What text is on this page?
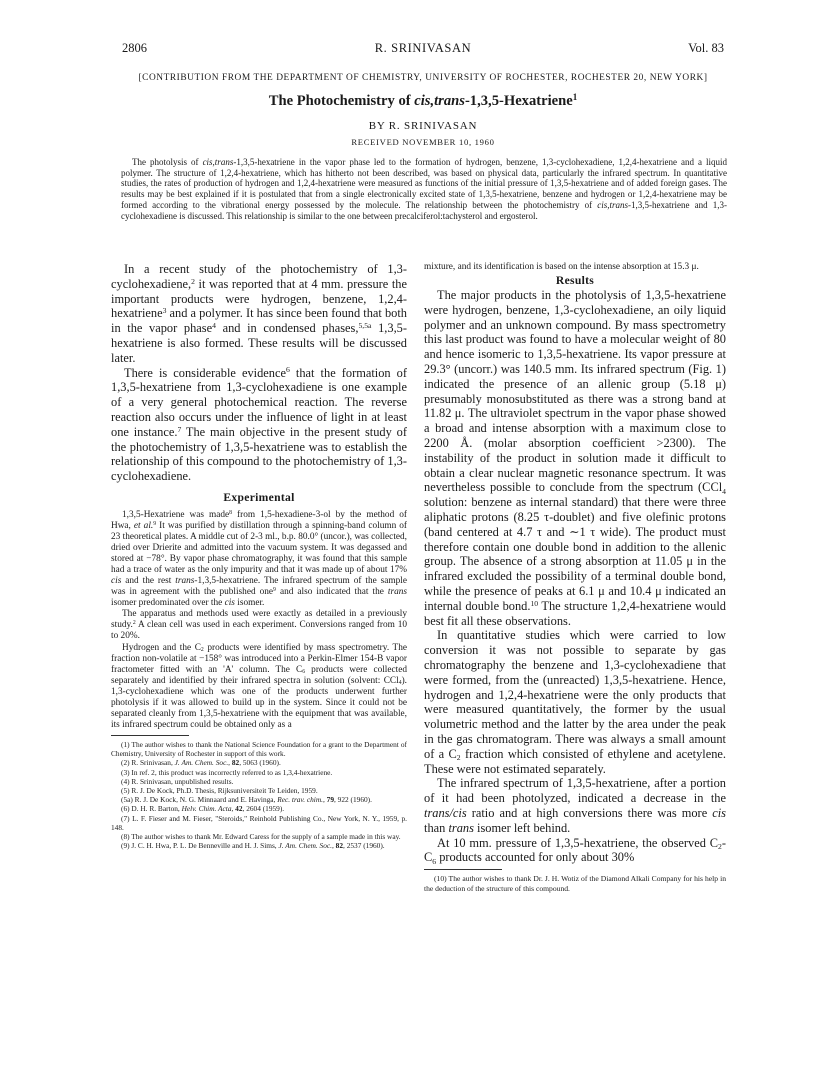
2806	R. SRINIVASAN	Vol. 83
[CONTRIBUTION FROM THE DEPARTMENT OF CHEMISTRY, UNIVERSITY OF ROCHESTER, ROCHESTER 20, NEW YORK]
The Photochemistry of cis,trans-1,3,5-Hexatriene$^1$
BY R. SRINIVASAN
RECEIVED NOVEMBER 10, 1960

The photolysis of cis,trans-1,3,5-hexatriene in the vapor phase led to the formation of hydrogen, benzene, 1,3-cyclohexadiene, 1,2,4-hexatriene and a liquid polymer. The structure of 1,2,4-hexatriene, which has hitherto not been described, was based on physical data, particularly the infrared spectrum. In quantitative studies, the rates of production of hydrogen and 1,2,4-hexatriene were measured as functions of the initial pressure of 1,3,5-hexatriene and of added foreign gases. The results may be best explained if it is postulated that from a single electronically excited state of 1,3,5-hexatriene, benzene and hydrogen or 1,2,4-hexatriene may be formed according to the vibrational energy possessed by the molecule. The relationship between the photochemistry of cis,trans-1,3,5-hexatriene and 1,3-cyclohexadiene is discussed. This relationship is similar to the one between precalciferol:tachysterol and ergosterol.

In a recent study of the photochemistry of 1,3-cyclohexadiene,$^2$ it was reported that at 4 mm. pressure the important products were hydrogen, benzene, 1,2,4-hexatriene$^3$ and a polymer. It has since been found that both in the vapor phase$^4$ and in condensed phases,$^{5,5a}$ 1,3,5-hexatriene is also formed. These results will be discussed later.

There is considerable evidence$^6$ that the formation of 1,3,5-hexatriene from 1,3-cyclohexadiene is one example of a very general photochemical reaction. The reverse reaction also occurs under the influence of light in at least one instance.$^7$ The main objective in the present study of the photochemistry of 1,3,5-hexatriene was to establish the relationship of this compound to the photochemistry of 1,3-cyclohexadiene.

Experimental

1,3,5-Hexatriene was made$^8$ from 1,5-hexadiene-3-ol by the method of Hwa, et al.$^9$ It was purified by distillation through a spinning-band column of 23 theoretical plates. A middle cut of 2-3 ml., b.p. 80.0° (uncor.), was collected, dried over Drierite and admitted into the vacuum system. It was degassed and stored at −78°. By vapor phase chromatography, it was found that this sample had a trace of water as the only impurity and that it was made up of about 17% cis and the rest trans-1,3,5-hexatriene. The infrared spectrum of the sample was in agreement with the published one$^9$ and also indicated that the trans isomer predominated over the cis isomer.

The apparatus and methods used were exactly as detailed in a previously study.$^2$ A clean cell was used in each experiment. Conversions ranged from 10 to 20%.

Hydrogen and the $C_2$ products were identified by mass spectrometry. The fraction non-volatile at −158° was introduced into a Perkin-Elmer 154-B vapor fractometer fitted with an 'A' column. The $C_6$ products were collected separately and identified by their infrared spectra in solution (solvent: CCl$_4$). 1,3-cyclohexadiene which was one of the products underwent further photolysis if it was allowed to build up in the system. Since it could not be separated cleanly from 1,3,5-hexatriene with the equipment that was available, its infrared spectrum could be obtained only as a

(1) The author wishes to thank the National Science Foundation for a grant to the Department of Chemistry, University of Rochester in support of this work.
(2) R. Srinivasan, J. Am. Chem. Soc., 82, 5063 (1960).
(3) In ref. 2, this product was incorrectly referred to as 1,3,4-hexatriene.
(4) R. Srinivasan, unpublished results.
(5) R. J. De Kock, Ph.D. Thesis, Rijksuniversiteit Te Leiden, 1959.
(5a) R. J. De Kock, N. G. Minnaard and E. Havinga, Rec. trav. chim., 79, 922 (1960).
(6) D. H. R. Barton, Helv. Chim. Acta, 42, 2604 (1959).
(7) L. F. Fieser and M. Fieser, "Steroids," Reinhold Publishing Co., New York, N. Y., 1959, p. 148.
(8) The author wishes to thank Mr. Edward Caress for the supply of a sample made in this way.
(9) J. C. H. Hwa, P. L. De Benneville and H. J. Sims, J. Am. Chem. Soc., 82, 2537 (1960).

mixture, and its identification is based on the intense absorption at 15.3 μ.

Results

The major products in the photolysis of 1,3,5-hexatriene were hydrogen, benzene, 1,3-cyclohexadiene, an oily liquid polymer and an unknown compound. By mass spectrometry this last product was found to have a molecular weight of 80 and hence isomeric to 1,3,5-hexatriene. Its vapor pressure at 29.3° (uncorr.) was 140.5 mm. Its infrared spectrum (Fig. 1) indicated the presence of an allenic group (5.18 μ) presumably monosubstituted as there was a strong band at 11.82 μ. The ultraviolet spectrum in the vapor phase showed a broad and intense absorption with a maximum close to 2200 Å. (molar absorption coefficient >2300). The instability of the product in solution made it difficult to obtain a clear nuclear magnetic resonance spectrum. It was nevertheless possible to conclude from the spectrum (CCl$_4$ solution: benzene as internal standard) that there were three aliphatic protons (8.25 τ-doublet) and five olefinic protons (band centered at 4.7 τ and ∼1 τ wide). The product must therefore contain one double bond in addition to the allenic group. The absence of a strong absorption at 11.05 μ in the infrared excluded the possibility of a terminal double bond, while the presence of peaks at 6.1 μ and 10.4 μ indicated an internal double bond.$^{10}$ The structure 1,2,4-hexatriene would best fit all these observations.

In quantitative studies which were carried to low conversion it was not possible to separate by gas chromatography the benzene and 1,3-cyclohexadiene that were formed, from the (unreacted) 1,3,5-hexatriene. Hence, hydrogen and 1,2,4-hexatriene were the only products that were measured quantitatively, the former by the usual volumetric method and the latter by the area under the peak in the gas chromatogram. There was always a small amount of a $C_2$ fraction which consisted of ethylene and acetylene. These were not estimated separately.

The infrared spectrum of 1,3,5-hexatriene, after a portion of it had been photolyzed, indicated a decrease in the trans/cis ratio and at high conversions there was more cis than trans isomer left behind.

At 10 mm. pressure of 1,3,5-hexatriene, the observed $C_2-C_6$ products accounted for only about 30%

(10) The author wishes to thank Dr. J. H. Wotiz of the Diamond Alkali Company for his help in the deduction of the structure of this compound.
